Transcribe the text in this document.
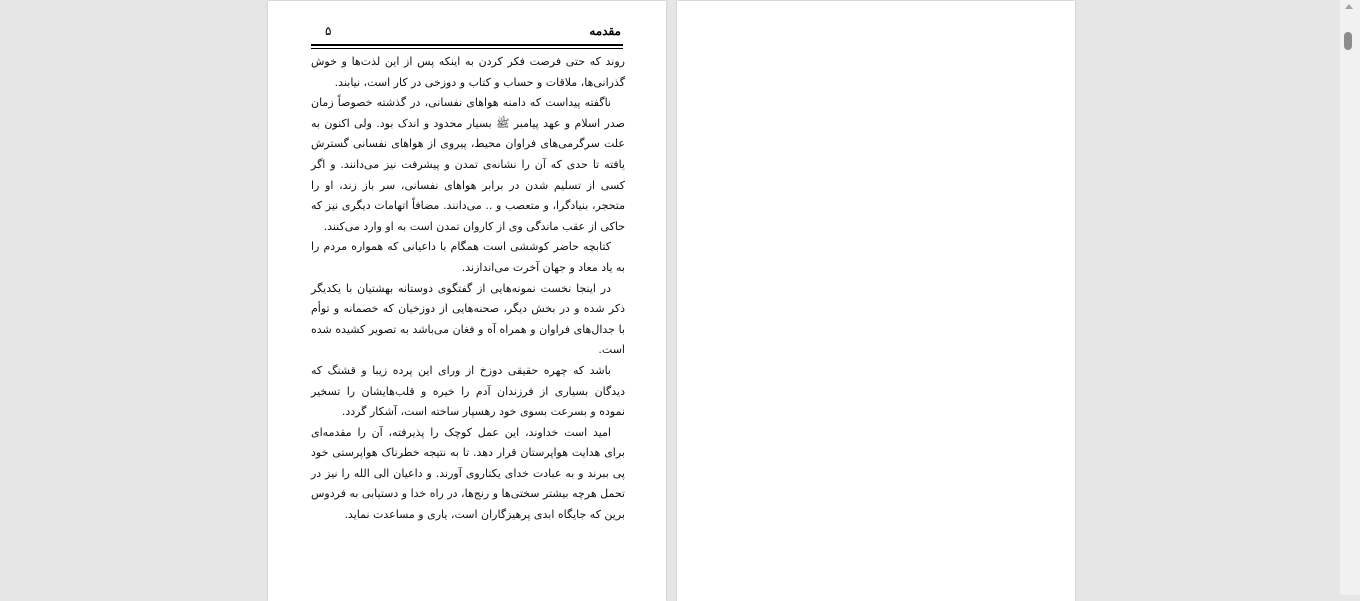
مقدمه
۵

روند که حتی فرصت فکر کردن به اینکه پس از این لذت‌ها و خوش گذرانی‌ها، ملاقات و حساب و کتاب و دوزخی در کار است، نیابند.

ناگفته پیداست که دامنه هواهای نفسانی، در گذشته خصوصاً زمان صدر اسلام و عهد پیامبر ﷺ بسیار محدود و اندک بود. ولی اکنون به علت سرگرمی‌های فراوان محیط، پیروی از هواهای نفسانی گسترش یافته تا حدی که آن را نشانه‌ی تمدن و پیشرفت نیز می‌دانند. و اگر کسی از تسلیم شدن در برابر هواهای نفسانی، سر باز زند، او را متحجر، بنیادگرا، و متعصب و .. می‌دانند. مضافاً اتهامات دیگری نیز که حاکی از عقب ماندگی وی از کاروان تمدن است به او وارد می‌کنند.

کتابچه حاضر کوششی است همگام با داعیانی که همواره مردم را به یاد معاد و جهان آخرت می‌اندازند.

در اینجا نخست نمونه‌هایی از گفتگوی دوستانه بهشتیان با یکدیگر ذکر شده و در بخش دیگر، صحنه‌هایی از دوزخیان که خصمانه و توأم با جدال‌های فراوان و همراه آه و فغان می‌باشد به تصویر کشیده شده است.

باشد که چهره حقیقی دوزخ از ورای این پرده زیبا و قشنگ که دیدگان بسیاری از فرزندان آدم را خیره و قلب‌هایشان را تسخیر نموده و بسرعت بسوی خود رهسپار ساخته است، آشکار گردد.

امید است خداوند، این عمل کوچک را پذیرفته، آن را مقدمه‌ای برای هدایت هواپرستان قرار دهد. تا به نتیجه خطرناک هواپرستی خود پی ببرند و به عبادت خدای یکتاروی آورند. و داعیان الی الله را نیز در تحمل هرچه بیشتر سختی‌ها و رنج‌ها، در راه خدا و دستیابی به فردوس برین که جایگاه ابدی پرهیزگاران است، یاری و مساعدت نماید.
